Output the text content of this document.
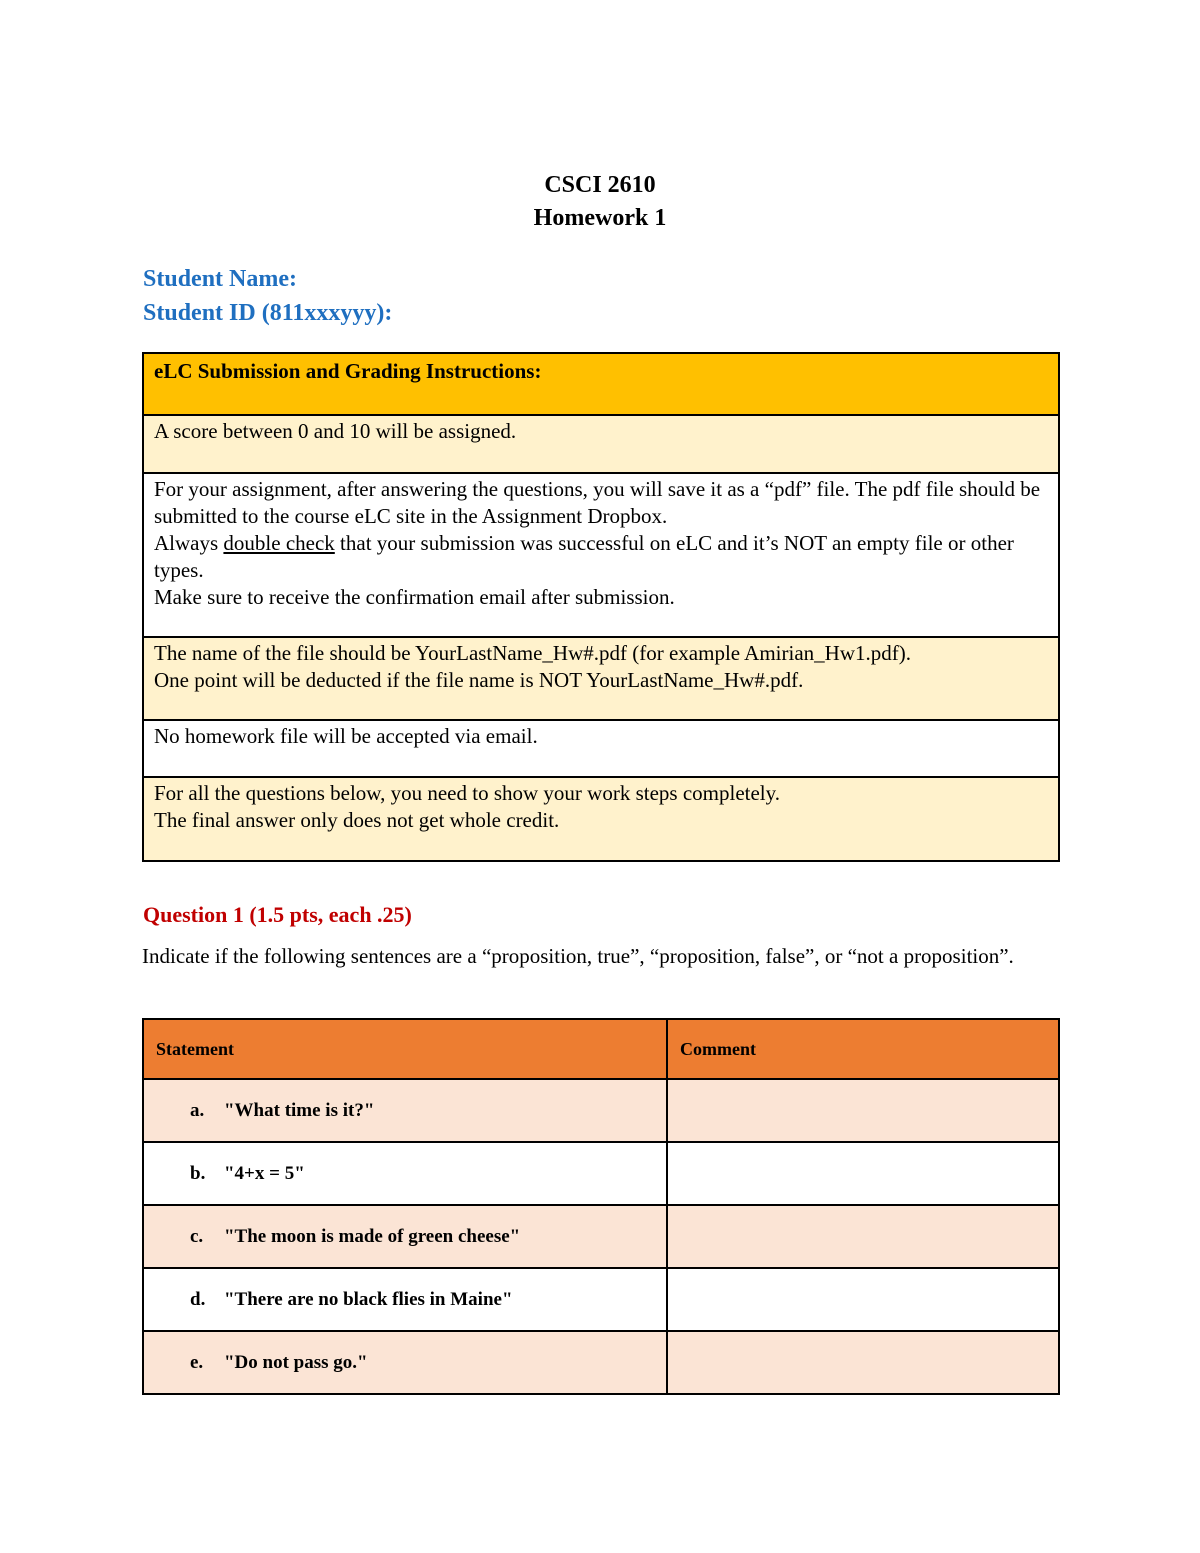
CSCI 2610
Homework 1
Student Name:
Student ID (811xxxyyy):
eLC Submission and Grading Instructions:
A score between 0 and 10 will be assigned.

For your assignment, after answering the questions, you will save it as a “pdf” file. The pdf file should be submitted to the course eLC site in the Assignment Dropbox.
Always double check that your submission was successful on eLC and it’s NOT an empty file or other types.
Make sure to receive the confirmation email after submission.

The name of the file should be YourLastName_Hw#.pdf (for example Amirian_Hw1.pdf).
One point will be deducted if the file name is NOT YourLastName_Hw#.pdf.

No homework file will be accepted via email.

For all the questions below, you need to show your work steps completely.
The final answer only does not get whole credit.
Question 1 (1.5 pts, each .25)
Indicate if the following sentences are a “proposition, true”, “proposition, false”, or “not a proposition”.
Statement	Comment
a. "What time is it?"	
b. "4+x = 5"	
c. "The moon is made of green cheese"	
d. "There are no black flies in Maine"	
e. "Do not pass go."	
